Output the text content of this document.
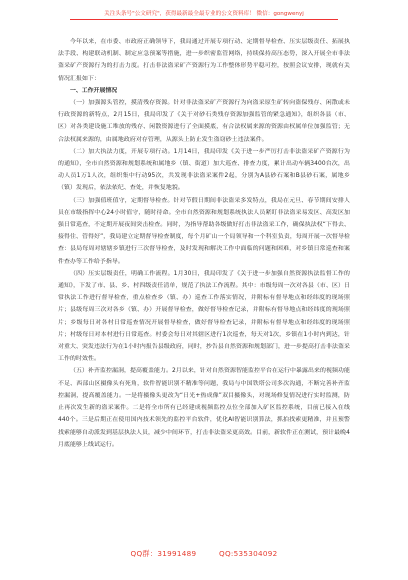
关注头条号"公文研究"，获得最新最全最专业的公文资料库！ 微信：gongwenyj

今年以来，在市委、市政府正确领导下，我局通过开展专项行动、定期督导检查、压实层级责任、拓展执法手段、构建联动机制、制定应急预案等措施，进一步织密监管网络，持续保持高压态势，深入开展全市非法盗采矿产资源行为的打击力度。打击非法盗采矿产资源行为工作整体形势平稳可控，按照会议安排，现就有关情况汇报如下：

一、工作开展情况

（一）加强源头管控，摸清残存资源。针对非法盗采矿产资源行为向盗采原生矿转向盗保残存、闲散或未行政资源的新特点，2月15日，我局印发了《关于对砂石类残存资源加强监管的紧急通知》，组织各县（市、区）对各类建设施工堆放的残存、闲散资源进行了全面摸底，有合法权属来源的资源由权属单位加强监管；无合法权属来源的，由属地政府对存管理，从源头上防止发生盗窃砂土违法案件。

（二）加大执法力度，开展专项行动。1月14日，我局印发《关于进一步严厉打击非法盗采矿产资源行为的通知》，全市自然资源和规划系统和属地乡（镇、街道）加大巡查、排查力度，累计出动车辆3400台次，出动人员1万1人次，组织集中行动95次，共发现非法盗采案件2起，分别为A县砂石案和B县砂石案，属地乡（镇）发现后，依法依纪、查处，并恢复地貌。

（三）加强值班值守，定期督导检查。针对节假日期间非法盗采多发特点，我局在元旦、春节期间安排人员在市级指挥中心24小时值守，随时待命。全市自然资源和规划系统执法人员紧盯非法盗采易发区、高发区加强日常巡查，不定期开展夜间突击检查。同时，为指导帮助各级做好打击非法盗采工作，确保执法权“下得去、接得住、管得好”，我局建立定期督导检查制度，每个月矿山一个局领导和一个科室负责，每周开展一次督导检查：县局每周对辖辖乡镇进行三次督导检查，及时发现和解决工作中面临的问题和困难，对乡镇日常巡查和案件查办等工作给予指导。

（四）压实层级责任，明确工作流程。1月30日，我局印发了《关于进一步加强自然资源执法监督工作的通知》，下发了市、县、乡、村四级责任清单，规范了执法工作流程。其中：市级每周一次对各县（市、区）日常执法工作进行督导检查，重点检查乡（镇、办）巡查工作落实情况，并附标有督导地点和经纬度的现场照片；县级每周三次对各乡（镇、办）开展督导检查，做好督导检查记录，并附标有督导地点和经纬度的现场照片；乡级每日对各村日常巡查情况开展督导检查，做好督导检查记录，并附标有督导地点和经纬度的现场照片；村级每日对本村进行日常巡查。村委会每日对其辖区进行1次巡查，每天对1次，乡镇在1小时内到达，针对重大、突发违法行为在1小时内报告县级政府，同时，抄告县自然资源和规划部门，进一步提高打击非法盗采工作的时效性。

（五）补齐监控漏洞，提高覆盖能力。2月以来，针对自然资源智能监控平台在运行中暴露出来的视频功能不足、西部山区摄像头有死角，软件智能识别不精准等问题，我局与中国铁塔公司多次沟通，不断完善补齐监控漏洞，提高覆盖能力。一是将摄像头更改为“日光+热成像”双目摄像头，对现场修复情况进行实时监测，防止再次发生新的盗采案件。二是将全市所有已经建成视频监控点位全部加入矿区监控系统，目前已接入在线440个。三是后期正在使用国内技术领先的监控平台软件，优化AI智能识别算法，抓拍找索更精准，并且预警找索能够自动派发到基层执法人员，减少中间环节，打击非法盗采更高效。目前，新软件正在测试，预计最晚4月底能够上线试运行。

QQ群：31991489	QQ:535304092
